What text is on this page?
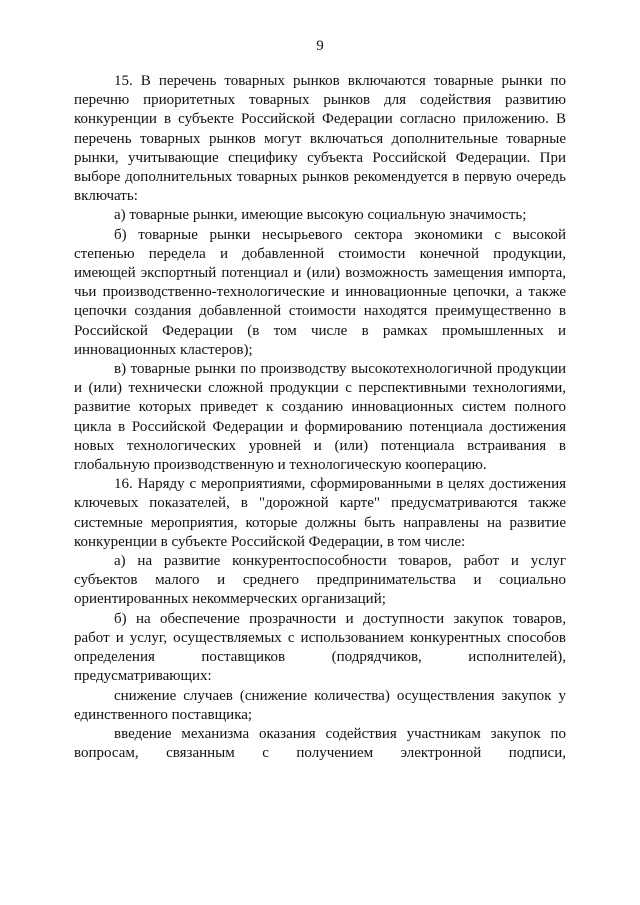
9

15. В перечень товарных рынков включаются товарные рынки по перечню приоритетных товарных рынков для содействия развитию конкуренции в субъекте Российской Федерации согласно приложению. В перечень товарных рынков могут включаться дополнительные товарные рынки, учитывающие специфику субъекта Российской Федерации. При выборе дополнительных товарных рынков рекомендуется в первую очередь включать:

а) товарные рынки, имеющие высокую социальную значимость;

б) товарные рынки несырьевого сектора экономики с высокой степенью передела и добавленной стоимости конечной продукции, имеющей экспортный потенциал и (или) возможность замещения импорта, чьи производственно-технологические и инновационные цепочки, а также цепочки создания добавленной стоимости находятся преимущественно в Российской Федерации (в том числе в рамках промышленных и инновационных кластеров);

в) товарные рынки по производству высокотехнологичной продукции и (или) технически сложной продукции с перспективными технологиями, развитие которых приведет к созданию инновационных систем полного цикла в Российской Федерации и формированию потенциала достижения новых технологических уровней и (или) потенциала встраивания в глобальную производственную и технологическую кооперацию.

16. Наряду с мероприятиями, сформированными в целях достижения ключевых показателей, в "дорожной карте" предусматриваются также системные мероприятия, которые должны быть направлены на развитие конкуренции в субъекте Российской Федерации, в том числе:

а) на развитие конкурентоспособности товаров, работ и услуг субъектов малого и среднего предпринимательства и социально ориентированных некоммерческих организаций;

б) на обеспечение прозрачности и доступности закупок товаров, работ и услуг, осуществляемых с использованием конкурентных способов определения поставщиков (подрядчиков, исполнителей), предусматривающих:

снижение случаев (снижение количества) осуществления закупок у единственного поставщика;

введение механизма оказания содействия участникам закупок по вопросам, связанным с получением электронной подписи,
